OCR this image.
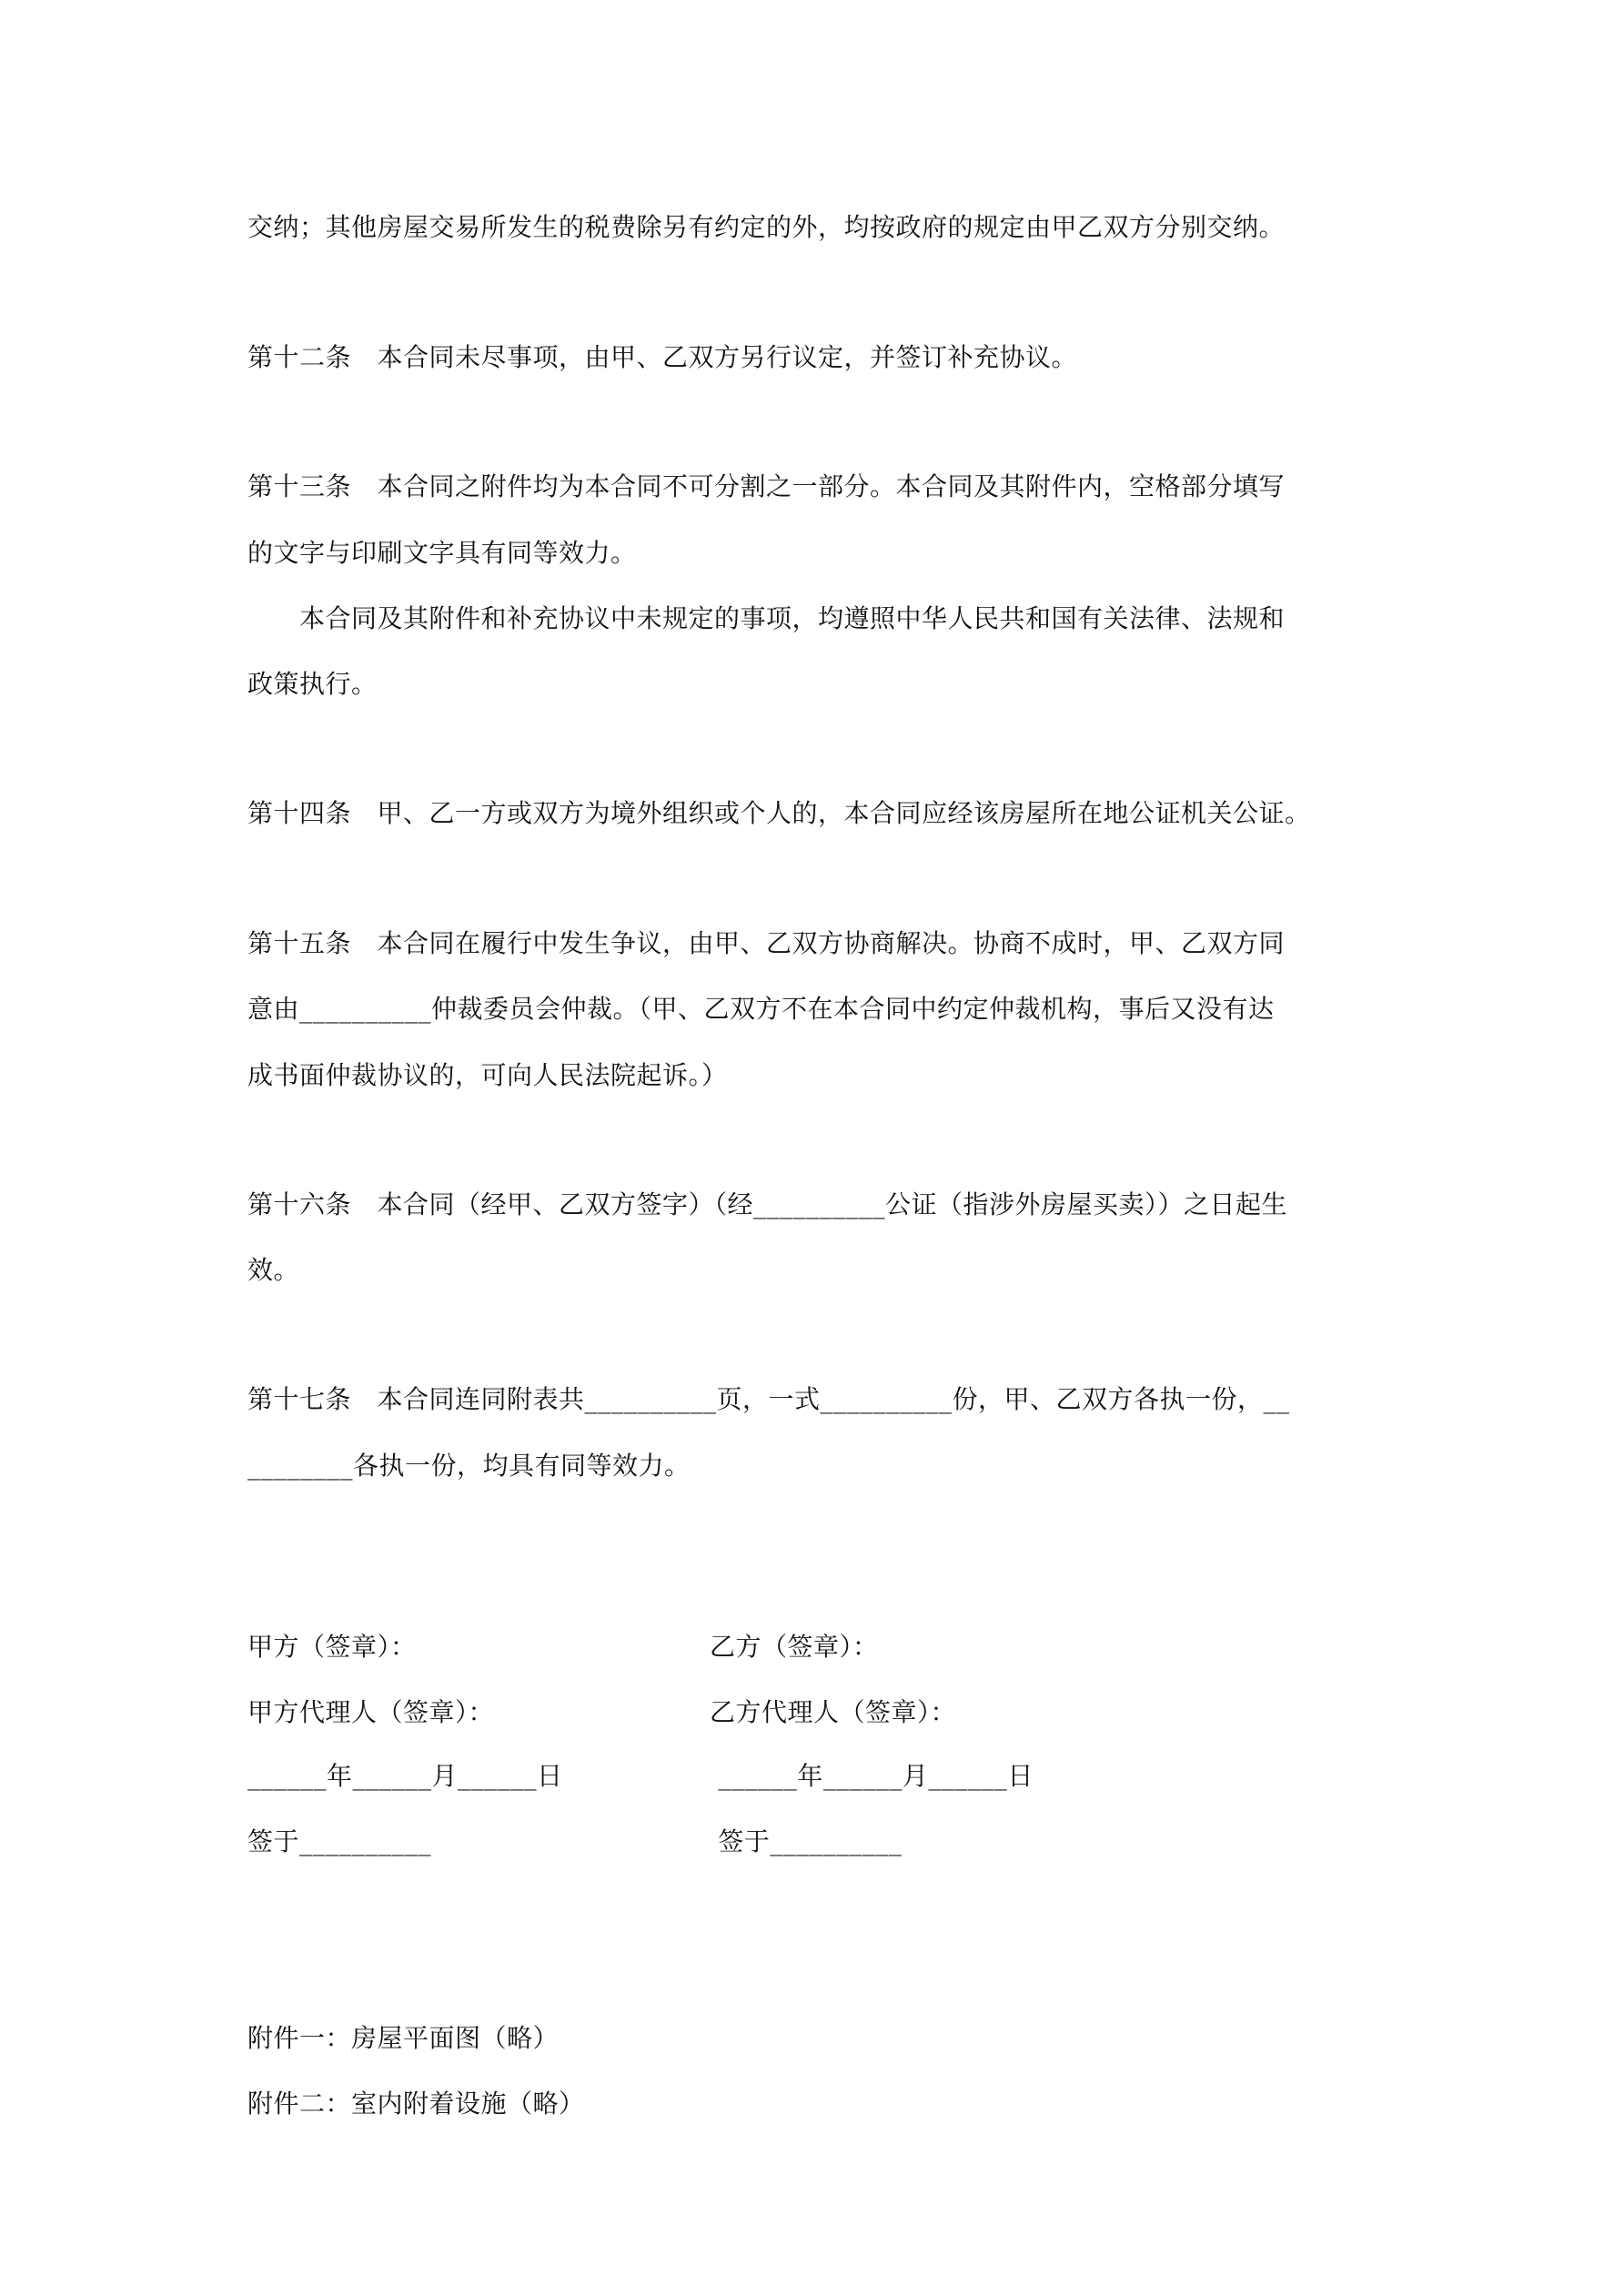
交纳；其他房屋交易所发生的税费除另有约定的外，均按政府的规定由甲乙双方分别交纳。
第十二条　本合同未尽事项，由甲、乙双方另行议定，并签订补充协议。
第十三条　本合同之附件均为本合同不可分割之一部分。本合同及其附件内，空格部分填写
的文字与印刷文字具有同等效力。
　　本合同及其附件和补充协议中未规定的事项，均遵照中华人民共和国有关法律、法规和
政策执行。
第十四条　甲、乙一方或双方为境外组织或个人的，本合同应经该房屋所在地公证机关公证。
第十五条　本合同在履行中发生争议，由甲、乙双方协商解决。协商不成时，甲、乙双方同
意由__________仲裁委员会仲裁。（甲、乙双方不在本合同中约定仲裁机构，事后又没有达
成书面仲裁协议的，可向人民法院起诉。）
第十六条　本合同（经甲、乙双方签字）（经__________公证（指涉外房屋买卖））之日起生
效。
第十七条　本合同连同附表共__________页，一式__________份，甲、乙双方各执一份，__
________各执一份，均具有同等效力。
甲方（签章）：	乙方（签章）：
甲方代理人（签章）：	乙方代理人（签章）：
______年______月______日	______年______月______日
签于__________	签于__________
附件一：房屋平面图（略）
附件二：室内附着设施（略）
